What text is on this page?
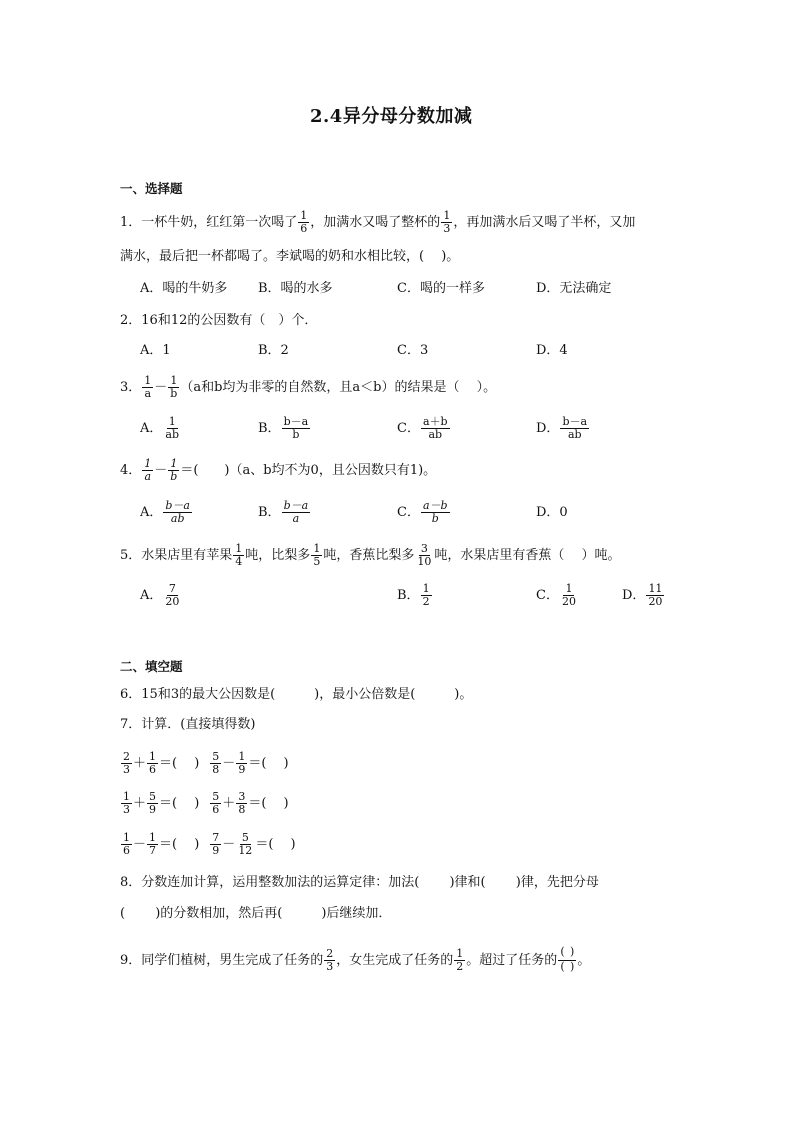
2.4异分母分数加减
一、选择题
1． 一杯牛奶，红红第一次喝了 $\frac{1}{6}$ ，加满水又喝了整杯的 $\frac{1}{3}$ ，再加满水后又喝了半杯，又加
满水，最后把一杯都喝了。李斌喝的奶和水相比较，(　 )。
A．喝的牛奶多 B．喝的水多	C．喝的一样多	D．无法确定
2．16和12的公因数有（　）个．
A．1	B．2	C．3	D．4
3． $\frac{1}{a} - \frac{1}{b} (a$和b均为非零的自然数，且a＜b）的结果是（　 ）。
A． $\frac{1}{ab}$	B． $\frac{b-a}{b}$	C． $\frac{a+b}{ab}$	D． $\frac{b-a}{ab}$
4． $\frac{1}{a} - \frac{1}{b}$ ＝(　　)（a、b均不为0，且公因数只有1)。
A． $\frac{b-a}{ab}$	B． $\frac{b-a}{a}$	C． $\frac{a-b}{b}$	D．0
5． 水果店里有苹果 $\frac{1}{4}$ 吨，比梨多 $\frac{1}{5}$ 吨，香蕉比梨多 $\frac{3}{10}$ 吨，水果店里有香蕉（　 ）吨。
A． $\frac{7}{20}$	B． $\frac{1}{2}$	C． $\frac{1}{20}$	D． $\frac{11}{20}$
二、填空题
6．15和3的最大公因数是(　　　)，最小公倍数是(　　　)。
7．计算．(直接填得数)
$\frac{2}{3} + \frac{1}{6}$ ＝(　 ) $\frac{5}{8} - \frac{1}{9}$ ＝(　 )
$\frac{1}{3} + \frac{5}{9}$ ＝(　 ) $\frac{5}{6} + \frac{3}{8}$ ＝(　 )
$\frac{1}{6} - \frac{1}{7}$ ＝(　 ) $\frac{7}{9} - \frac{5}{12}$ ＝(　 )
8．分数连加计算，运用整数加法的运算定律：加法(　　 )律和(　　 )律，先把分母
(　　 )的分数相加，然后再(　　　)后继续加．
9．同学们植树，男生完成了任务的 $\frac{2}{3}$ ，女生完成了任务的 $\frac{1}{2}$ 。超过了任务的 $\frac{( )}{( )}$ 。
